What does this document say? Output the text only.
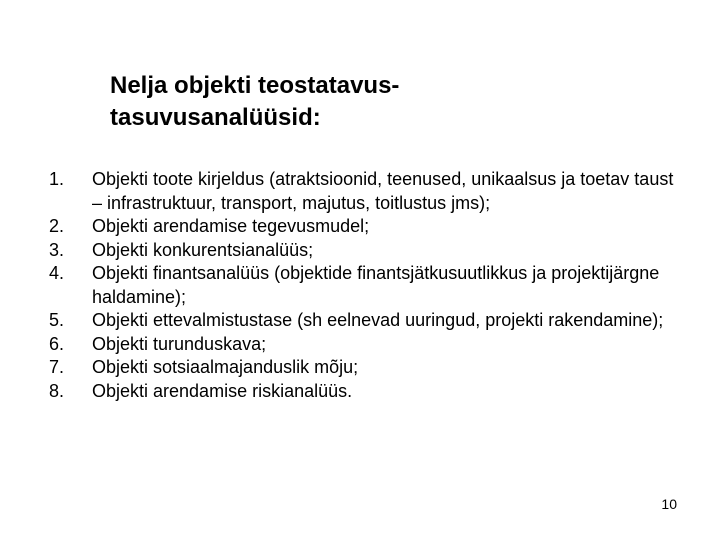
Nelja objekti teostatavus-
tasuvusanalüüsid:
1.	Objekti toote kirjeldus (atraktsioonid, teenused, unikaalsus ja toetav taust – infrastruktuur, transport, majutus, toitlustus jms);
2.	Objekti arendamise tegevusmudel;
3.	Objekti konkurentsianalüüs;
4.	Objekti finantsanalüüs (objektide finantsjätkusuutlikkus ja projektijärgne haldamine);
5.	Objekti ettevalmistustase (sh eelnevad uuringud, projekti rakendamine);
6.	Objekti turunduskava;
7.	Objekti sotsiaalmajanduslik mõju;
8.	Objekti arendamise riskianalüüs.
10
